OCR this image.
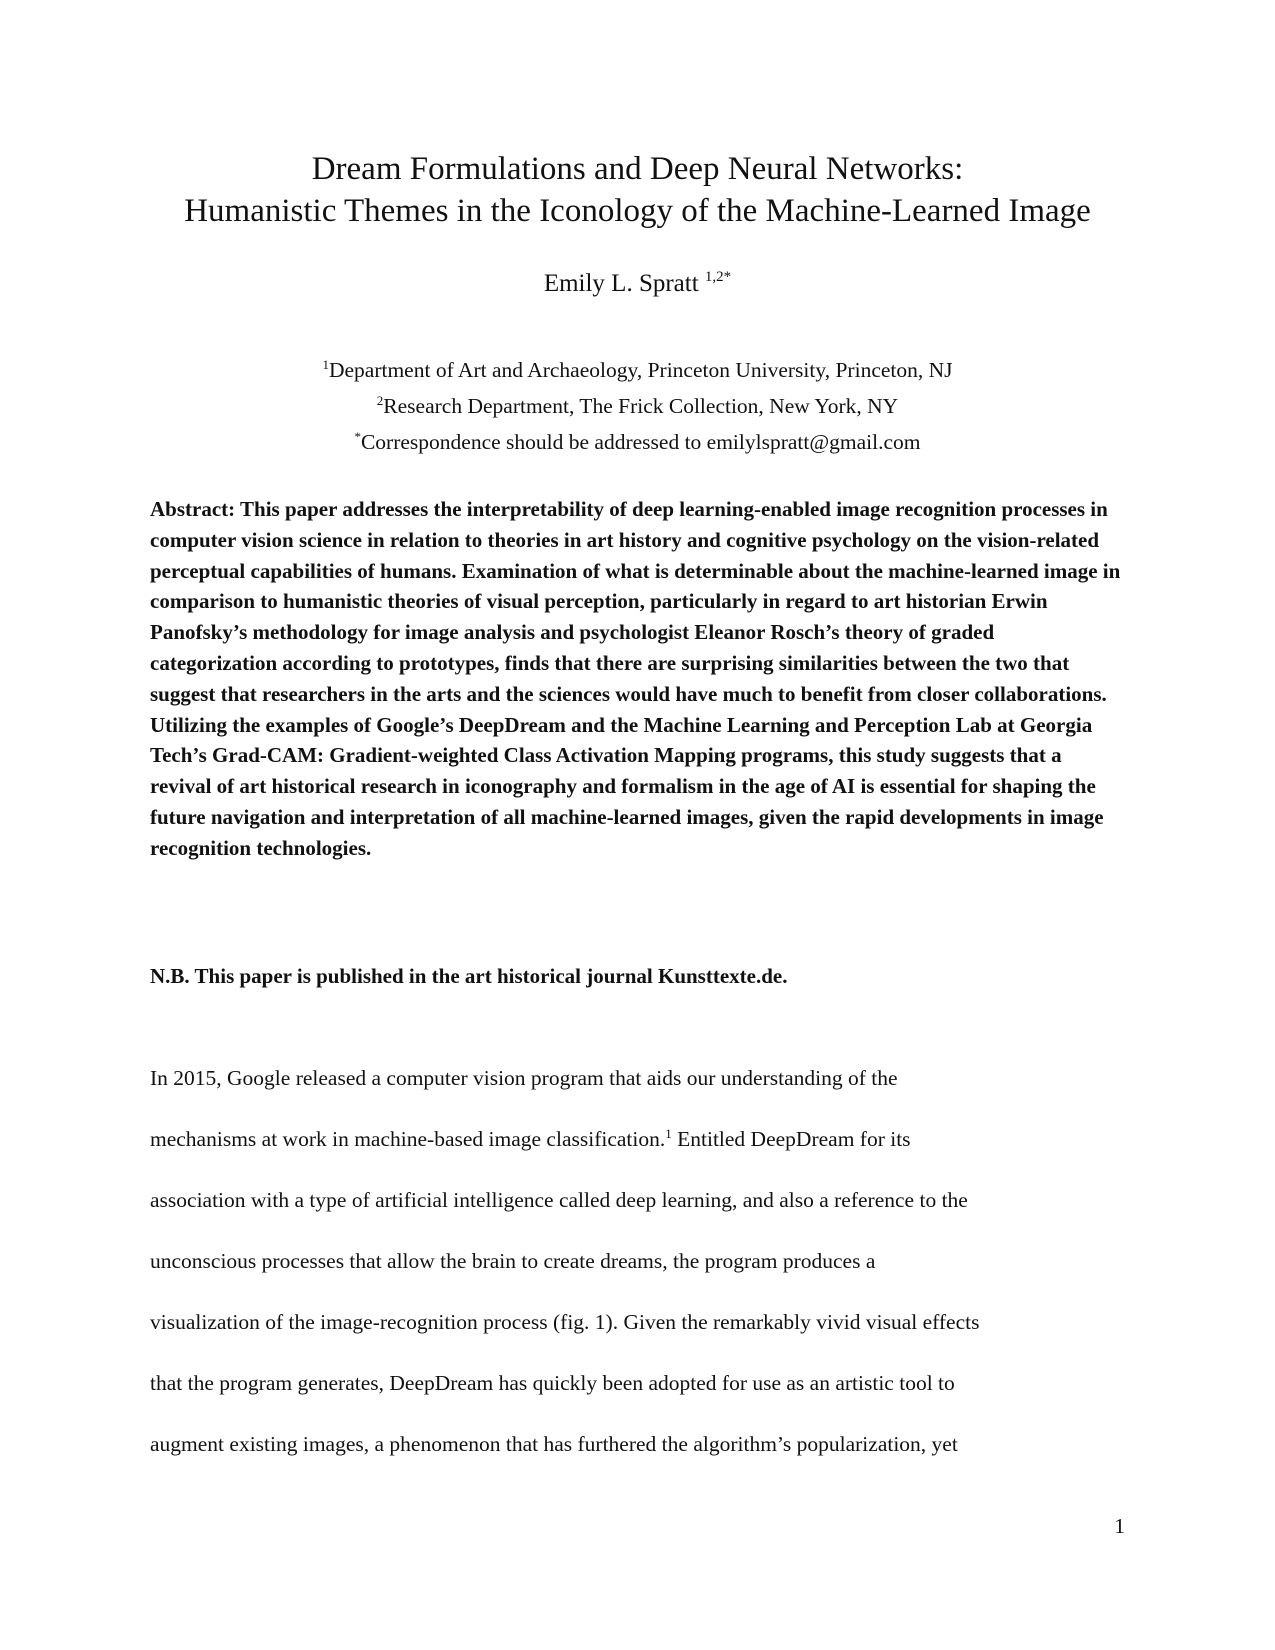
Dream Formulations and Deep Neural Networks:
Humanistic Themes in the Iconology of the Machine-Learned Image
Emily L. Spratt $^{1,2*}$
$^1$Department of Art and Archaeology, Princeton University, Princeton, NJ
$^2$Research Department, The Frick Collection, New York, NY
*Correspondence should be addressed to emilylspratt@gmail.com

Abstract: This paper addresses the interpretability of deep learning-enabled image recognition processes in computer vision science in relation to theories in art history and cognitive psychology on the vision-related perceptual capabilities of humans. Examination of what is determinable about the machine-learned image in comparison to humanistic theories of visual perception, particularly in regard to art historian Erwin Panofsky’s methodology for image analysis and psychologist Eleanor Rosch’s theory of graded categorization according to prototypes, finds that there are surprising similarities between the two that suggest that researchers in the arts and the sciences would have much to benefit from closer collaborations. Utilizing the examples of Google’s DeepDream and the Machine Learning and Perception Lab at Georgia Tech’s Grad-CAM: Gradient-weighted Class Activation Mapping programs, this study suggests that a revival of art historical research in iconography and formalism in the age of AI is essential for shaping the future navigation and interpretation of all machine-learned images, given the rapid developments in image recognition technologies.

N.B. This paper is published in the art historical journal Kunsttexte.de.

In 2015, Google released a computer vision program that aids our understanding of the
mechanisms at work in machine-based image classification.$^1$ Entitled DeepDream for its
association with a type of artificial intelligence called deep learning, and also a reference to the
unconscious processes that allow the brain to create dreams, the program produces a
visualization of the image-recognition process (fig. 1). Given the remarkably vivid visual effects
that the program generates, DeepDream has quickly been adopted for use as an artistic tool to
augment existing images, a phenomenon that has furthered the algorithm’s popularization, yet
1
